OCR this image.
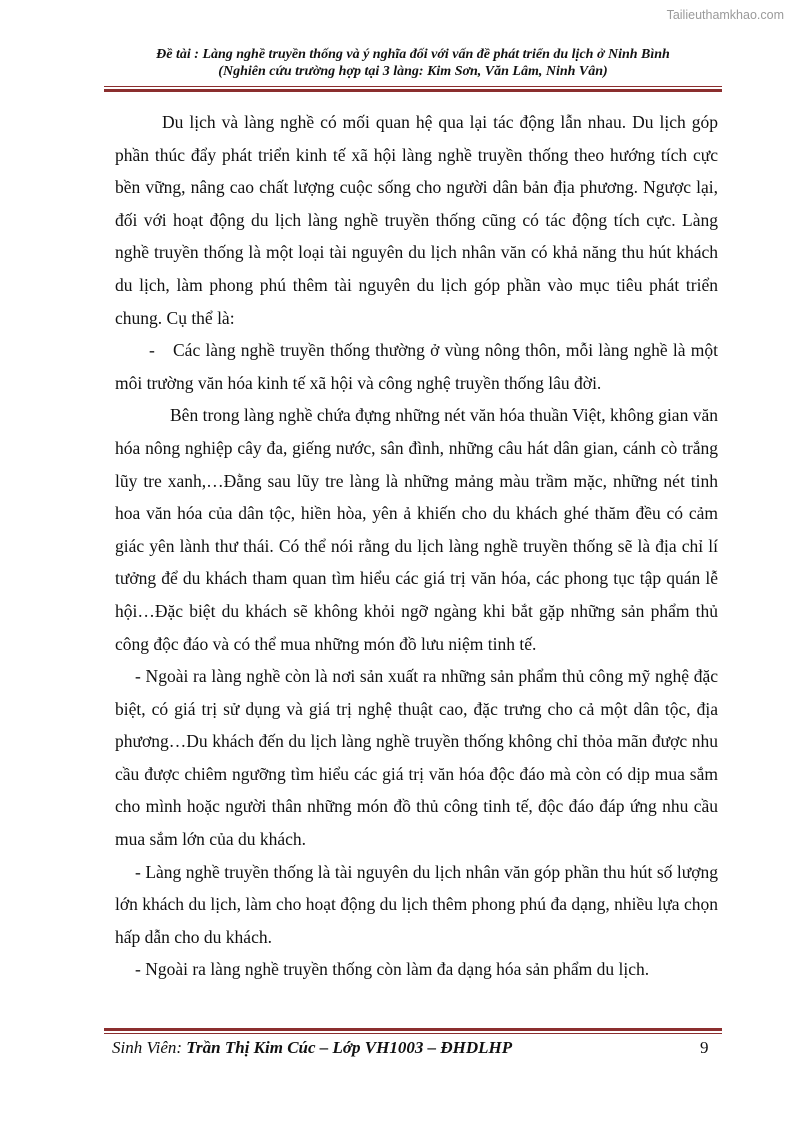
Tailieuthamkhao.com
Đề tài : Làng nghề truyền thống và ý nghĩa đối với vấn đề phát triển du lịch ở Ninh Bình
(Nghiên cứu trường hợp tại 3 làng: Kim Sơn, Văn Lâm, Ninh Vân)

Du lịch và làng nghề có mối quan hệ qua lại tác động lẫn nhau. Du lịch góp phần thúc đẩy phát triển kinh tế xã hội làng nghề truyền thống theo hướng tích cực bền vững, nâng cao chất lượng cuộc sống cho người dân bản địa phương. Ngược lại, đối với hoạt động du lịch làng nghề truyền thống cũng có tác động tích cực. Làng nghề truyền thống là một loại tài nguyên du lịch nhân văn có khả năng thu hút khách du lịch, làm phong phú thêm tài nguyên du lịch góp phần vào mục tiêu phát triển chung. Cụ thể là:

- Các làng nghề truyền thống thường ở vùng nông thôn, mỗi làng nghề là một môi trường văn hóa kinh tế xã hội và công nghệ truyền thống lâu đời.

Bên trong làng nghề chứa đựng những nét văn hóa thuần Việt, không gian văn hóa nông nghiệp cây đa, giếng nước, sân đình, những câu hát dân gian, cánh cò trắng lũy tre xanh,…Đằng sau lũy tre làng là những mảng màu trầm mặc, những nét tinh hoa văn hóa của dân tộc, hiền hòa, yên ả khiến cho du khách ghé thăm đều có cảm giác yên lành thư thái. Có thể nói rằng du lịch làng nghề truyền thống sẽ là địa chỉ lí tưởng để du khách tham quan tìm hiểu các giá trị văn hóa, các phong tục tập quán lễ hội…Đặc biệt du khách sẽ không khỏi ngỡ ngàng khi bắt gặp những sản phẩm thủ công độc đáo và có thể mua những món đồ lưu niệm tinh tế.

- Ngoài ra làng nghề còn là nơi sản xuất ra những sản phẩm thủ công mỹ nghệ đặc biệt, có giá trị sử dụng và giá trị nghệ thuật cao, đặc trưng cho cả một dân tộc, địa phương…Du khách đến du lịch làng nghề truyền thống không chỉ thỏa mãn được nhu cầu được chiêm ngưỡng tìm hiểu các giá trị văn hóa độc đáo mà còn có dịp mua sắm cho mình hoặc người thân những món đồ thủ công tinh tế, độc đáo đáp ứng nhu cầu mua sắm lớn của du khách.

- Làng nghề truyền thống là tài nguyên du lịch nhân văn góp phần thu hút số lượng lớn khách du lịch, làm cho hoạt động du lịch thêm phong phú đa dạng, nhiều lựa chọn hấp dẫn cho du khách.

- Ngoài ra làng nghề truyền thống còn làm đa dạng hóa sản phẩm du lịch.

Sinh Viên: Trần Thị Kim Cúc – Lớp VH1003 – ĐHDLHP	9
